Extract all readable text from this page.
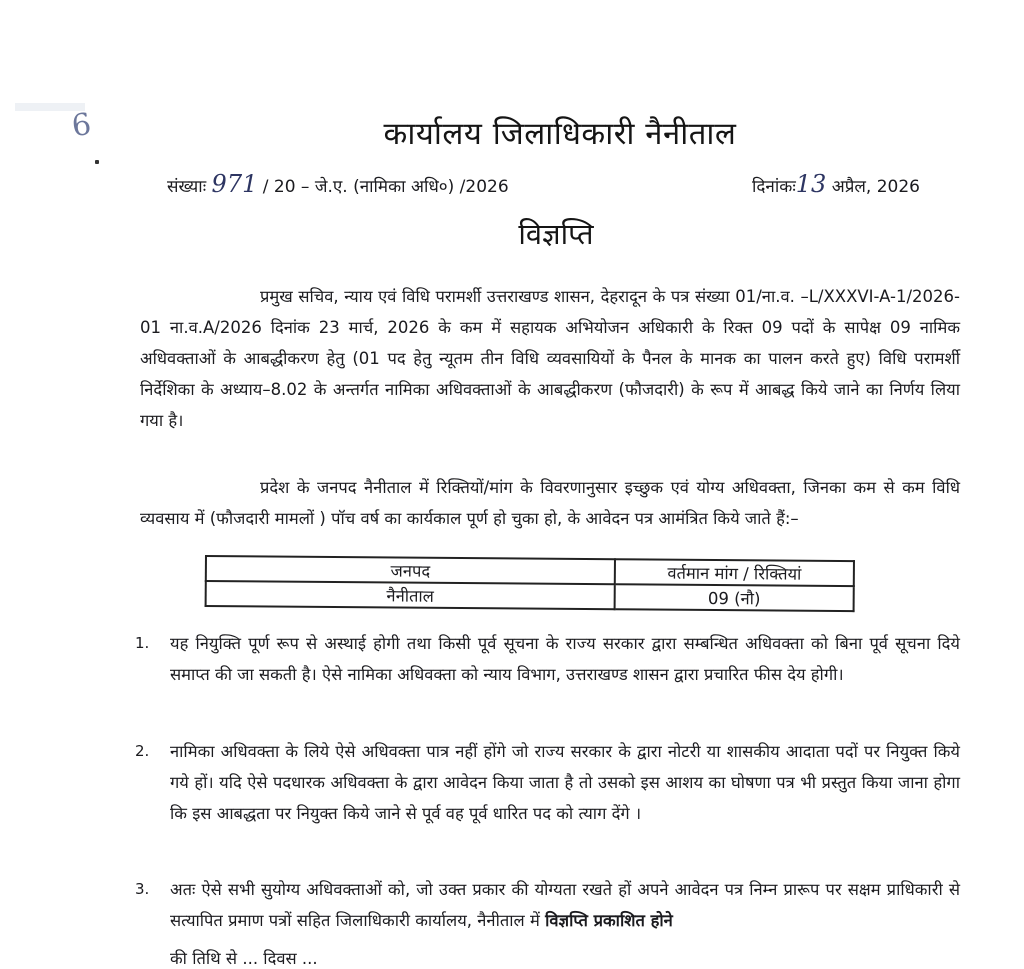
6	कार्यालय जिलाधिकारी नैनीताल
संख्याः 971 / 20 – जे.ए. (नामिका अधि०) /2026	दिनांकः13 अप्रैल, 2026
विज्ञप्ति

प्रमुख सचिव, न्याय एवं विधि परामर्शी उत्तराखण्ड शासन, देहरादून के पत्र संख्या 01/ना.व. –L/XXXVI-A-1/2026-01 ना.व.A/2026 दिनांक 23 मार्च, 2026 के कम में सहायक अभियोजन अधिकारी के रिक्त 09 पदों के सापेक्ष 09 नामिक अधिवक्ताओं के आबद्धीकरण हेतु (01 पद हेतु न्यूतम तीन विधि व्यवसायियों के पैनल के मानक का पालन करते हुए) विधि परामर्शी निर्देशिका के अध्याय–8.02 के अन्तर्गत नामिका अधिवक्ताओं के आबद्धीकरण (फौजदारी) के रूप में आबद्ध किये जाने का निर्णय लिया गया है।

प्रदेश के जनपद नैनीताल में रिक्तियों/मांग के विवरणानुसार इच्छुक एवं योग्य अधिवक्ता, जिनका कम से कम विधि व्यवसाय में (फौजदारी मामलों ) पॉच वर्ष का कार्यकाल पूर्ण हो चुका हो, के आवेदन पत्र आमंत्रित किये जाते हैं:–

जनपद	वर्तमान मांग / रिक्तियां
नैनीताल	09 (नौ)
1. यह नियुक्ति पूर्ण रूप से अस्थाई होगी तथा किसी पूर्व सूचना के राज्य सरकार द्वारा सम्बन्धित अधिवक्ता को बिना पूर्व सूचना दिये समाप्त की जा सकती है। ऐसे नामिका अधिवक्ता को न्याय विभाग, उत्तराखण्ड शासन द्वारा प्रचारित फीस देय होगी।
2. नामिका अधिवक्ता के लिये ऐसे अधिवक्ता पात्र नहीं होंगे जो राज्य सरकार के द्वारा नोटरी या शासकीय आदाता पदों पर नियुक्त किये गये हों। यदि ऐसे पदधारक अधिवक्ता के द्वारा आवेदन किया जाता है तो उसको इस आशय का घोषणा पत्र भी प्रस्तुत किया जाना होगा कि इस आबद्धता पर नियुक्त किये जाने से पूर्व वह पूर्व धारित पद को त्याग देंगे ।
3. अतः ऐसे सभी सुयोग्य अधिवक्ताओं को, जो उक्त प्रकार की योग्यता रखते हों अपने आवेदन पत्र निम्न प्रारूप पर सक्षम प्राधिकारी से सत्यापित प्रमाण पत्रों सहित जिलाधिकारी कार्यालय, नैनीताल में विज्ञप्ति प्रकाशित होने
की तिथि से ... दिवस ...
